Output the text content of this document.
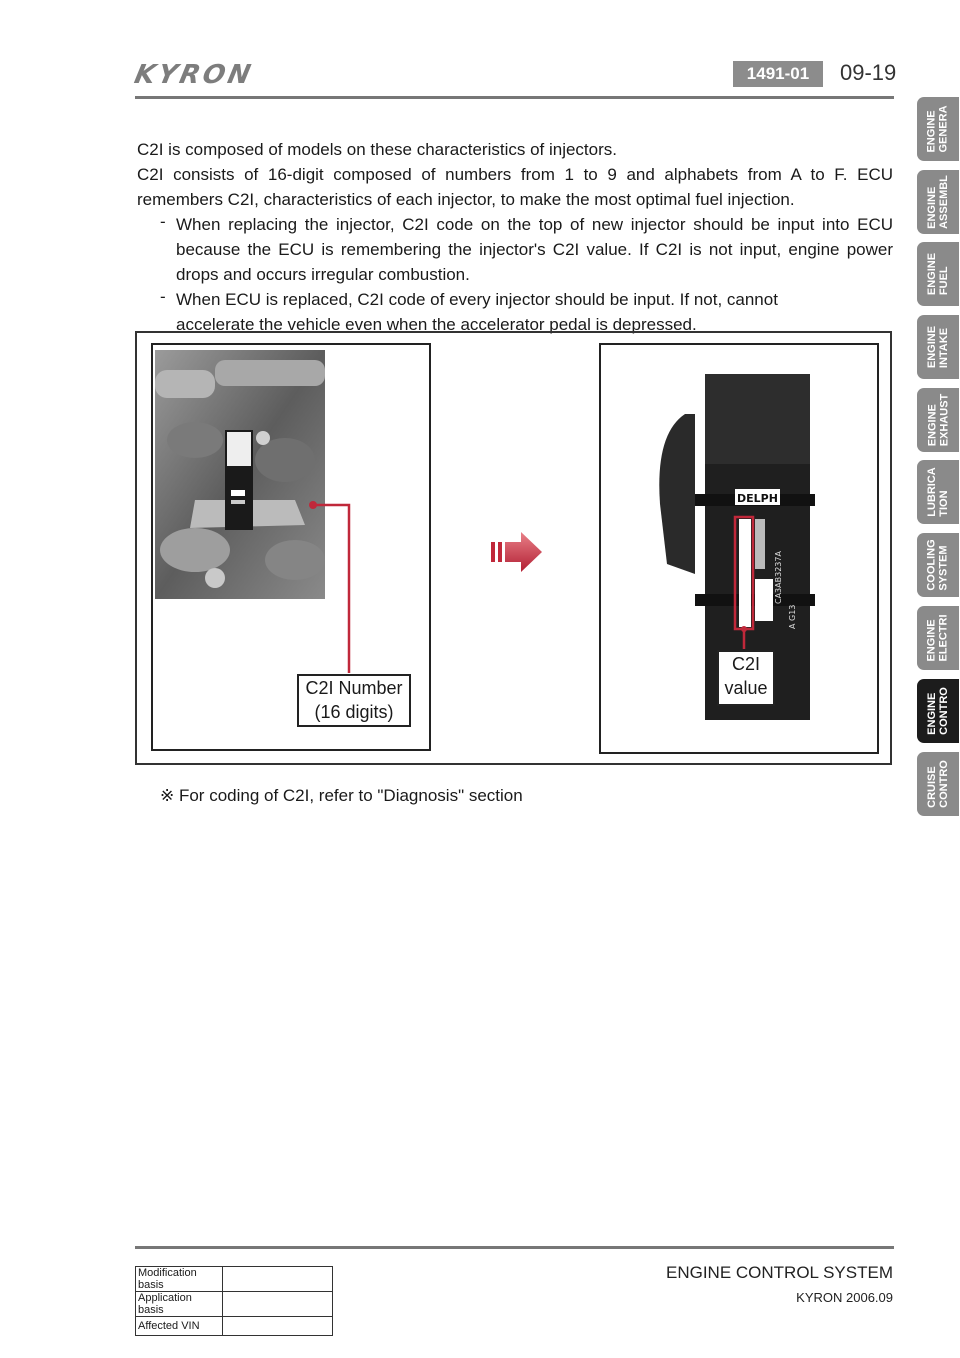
KYRON	1491-01	09-19
C2I is composed of models on these characteristics of injectors.
C2I consists of 16-digit composed of numbers from 1 to 9 and alphabets from A to F. ECU
remembers C2I, characteristics of each injector, to make the most optimal fuel injection.
- When replacing the injector, C2I code on the top of new injector should be input into ECU because the ECU is remembering the injector's C2I value. If C2I is not input, engine power drops and occurs irregular combustion.
- When ECU is replaced, C2I code of every injector should be input. If not, cannot accelerate the vehicle even when the accelerator pedal is depressed.
C2I Number
(16 digits)
DELPH
CA3AB3237A
A G13
C2I
value
※ For coding of C2I, refer to "Diagnosis" section
ENGINE
GENERA
ENGINE
ASSEMBL
ENGINE
FUEL
ENGINE
INTAKE
ENGINE
EXHAUST
LUBRICA
TION
COOLING
SYSTEM
ENGINE
ELECTRI
ENGINE
CONTRO
CRUISE
CONTRO
Modification basis	
Application basis	
Affected VIN	
ENGINE CONTROL SYSTEM
KYRON 2006.09
